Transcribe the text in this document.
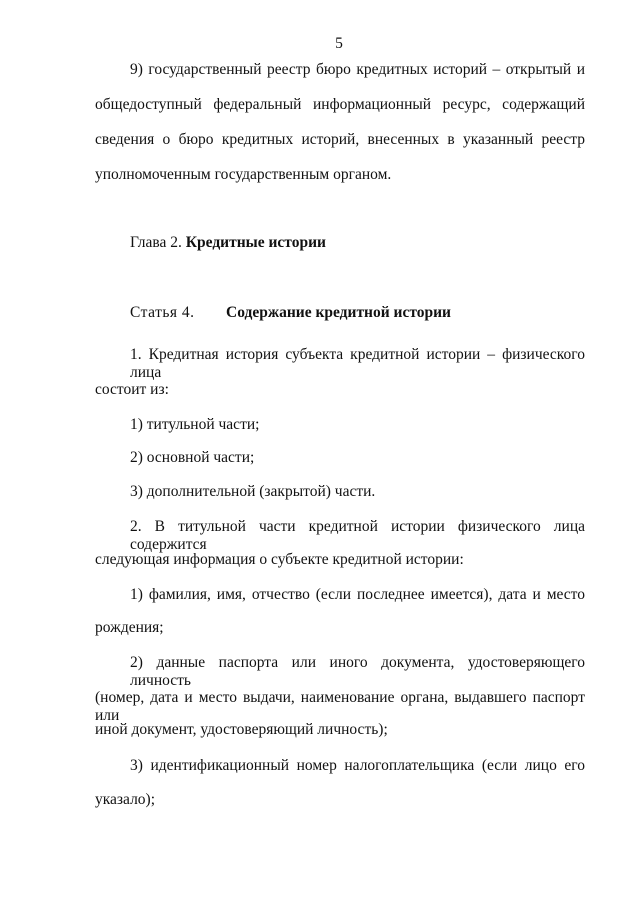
5
9) государственный реестр бюро кредитных историй – открытый и
общедоступный федеральный информационный ресурс, содержащий
сведения о бюро кредитных историй, внесенных в указанный реестр
уполномоченным государственным органом.
Глава 2. Кредитные истории
Статья 4. Содержание кредитной истории
1. Кредитная история субъекта кредитной истории – физического лица
состоит из:
1) титульной части;
2) основной части;
3) дополнительной (закрытой) части.
2. В титульной части кредитной истории физического лица содержится
следующая информация о субъекте кредитной истории:
1) фамилия, имя, отчество (если последнее имеется), дата и место
рождения;
2) данные паспорта или иного документа, удостоверяющего личность
(номер, дата и место выдачи, наименование органа, выдавшего паспорт или
иной документ, удостоверяющий личность);
3) идентификационный номер налогоплательщика (если лицо его
указало);
